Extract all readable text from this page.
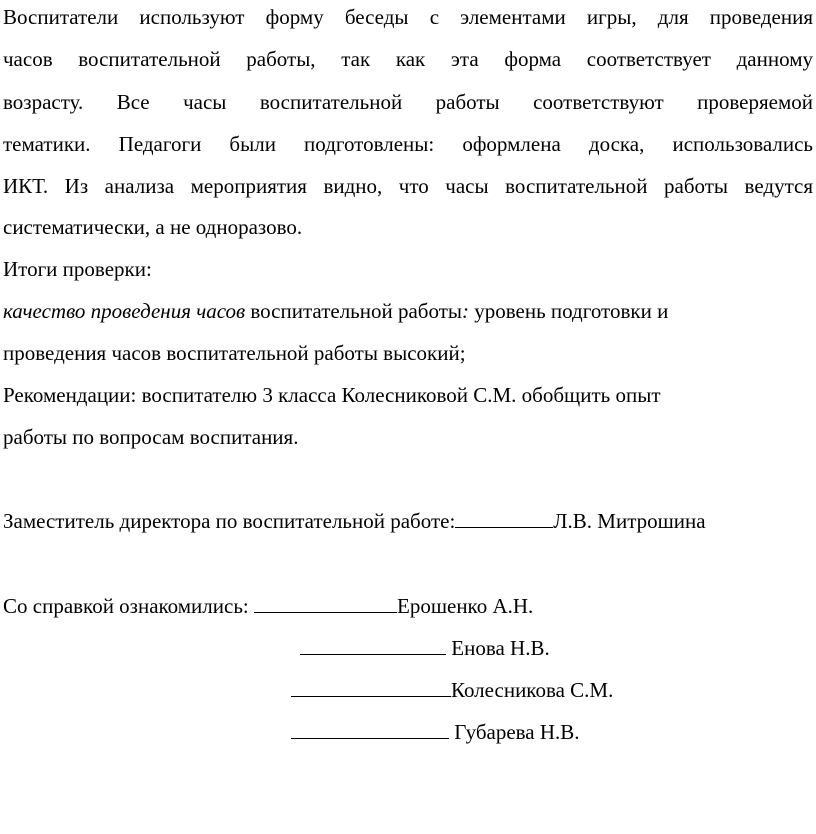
Воспитатели используют форму беседы с элементами игры, для проведения
часов воспитательной работы, так как эта форма соответствует данному
возрасту. Все часы воспитательной работы соответствуют проверяемой
тематики. Педагоги были подготовлены: оформлена доска, использовались
ИКТ. Из анализа мероприятия видно, что часы воспитательной работы ведутся
систематически, а не одноразово.
Итоги проверки:
качество проведения часов воспитательной работы: уровень подготовки и
проведения часов воспитательной работы высокий;
Рекомендации: воспитателю 3 класса Колесниковой С.М. обобщить опыт
работы по вопросам воспитания.
Заместитель директора по воспитательной работе:	Л.В. Митрошина
Со справкой ознакомились:	Ерошенко А.Н.
Енова Н.В.
Колесникова С.М.
Губарева Н.В.
